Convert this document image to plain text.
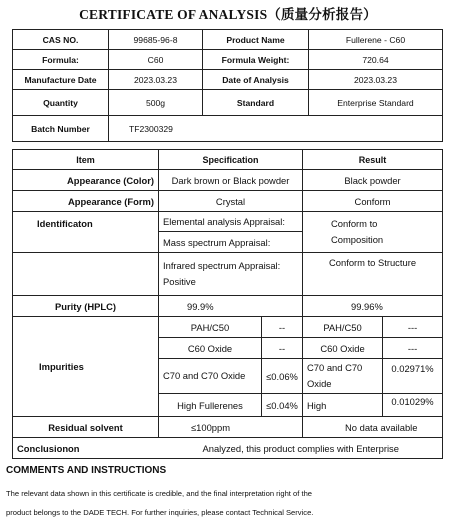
CERTIFICATE OF ANALYSIS（质量分析报告）
CAS NO.	99685-96-8	Product Name	Fullerene - C60
Formula:	C60	Formula Weight:	720.64
Manufacture Date	2023.03.23	Date of Analysis	2023.03.23
Quantity	500g	Standard	Enterprise Standard
Batch Number	TF2300329		
Item	Specification		Result	
Appearance (Color)	Dark brown or Black powder		Black powder	
Appearance (Form)	Crystal		Conform	
Identificaton	Elemental analysis Appraisal:		Conform to Composition	
	Mass spectrum Appraisal:			
	Infrared spectrum Appraisal: Positive		Conform to Structure	
Purity (HPLC)	99.9%		99.96%	
Impurities	PAH/C50	--	PAH/C50	---
	C60 Oxide	--	C60 Oxide	---
	C70 and C70 Oxide	≤0.06%	C70 and C70 Oxide	0.02971%
	High Fullerenes	≤0.04%	High	0.01029%
Residual solvent	≤100ppm		No data available	
Conclusionon	Analyzed, this product complies with Enterprise			
COMMENTS AND INSTRUCTIONS
The relevant data shown in this certificate is credible, and the final interpretation right of the
product belongs to the DADE TECH. For further inquiries, please contact Technical Service.
